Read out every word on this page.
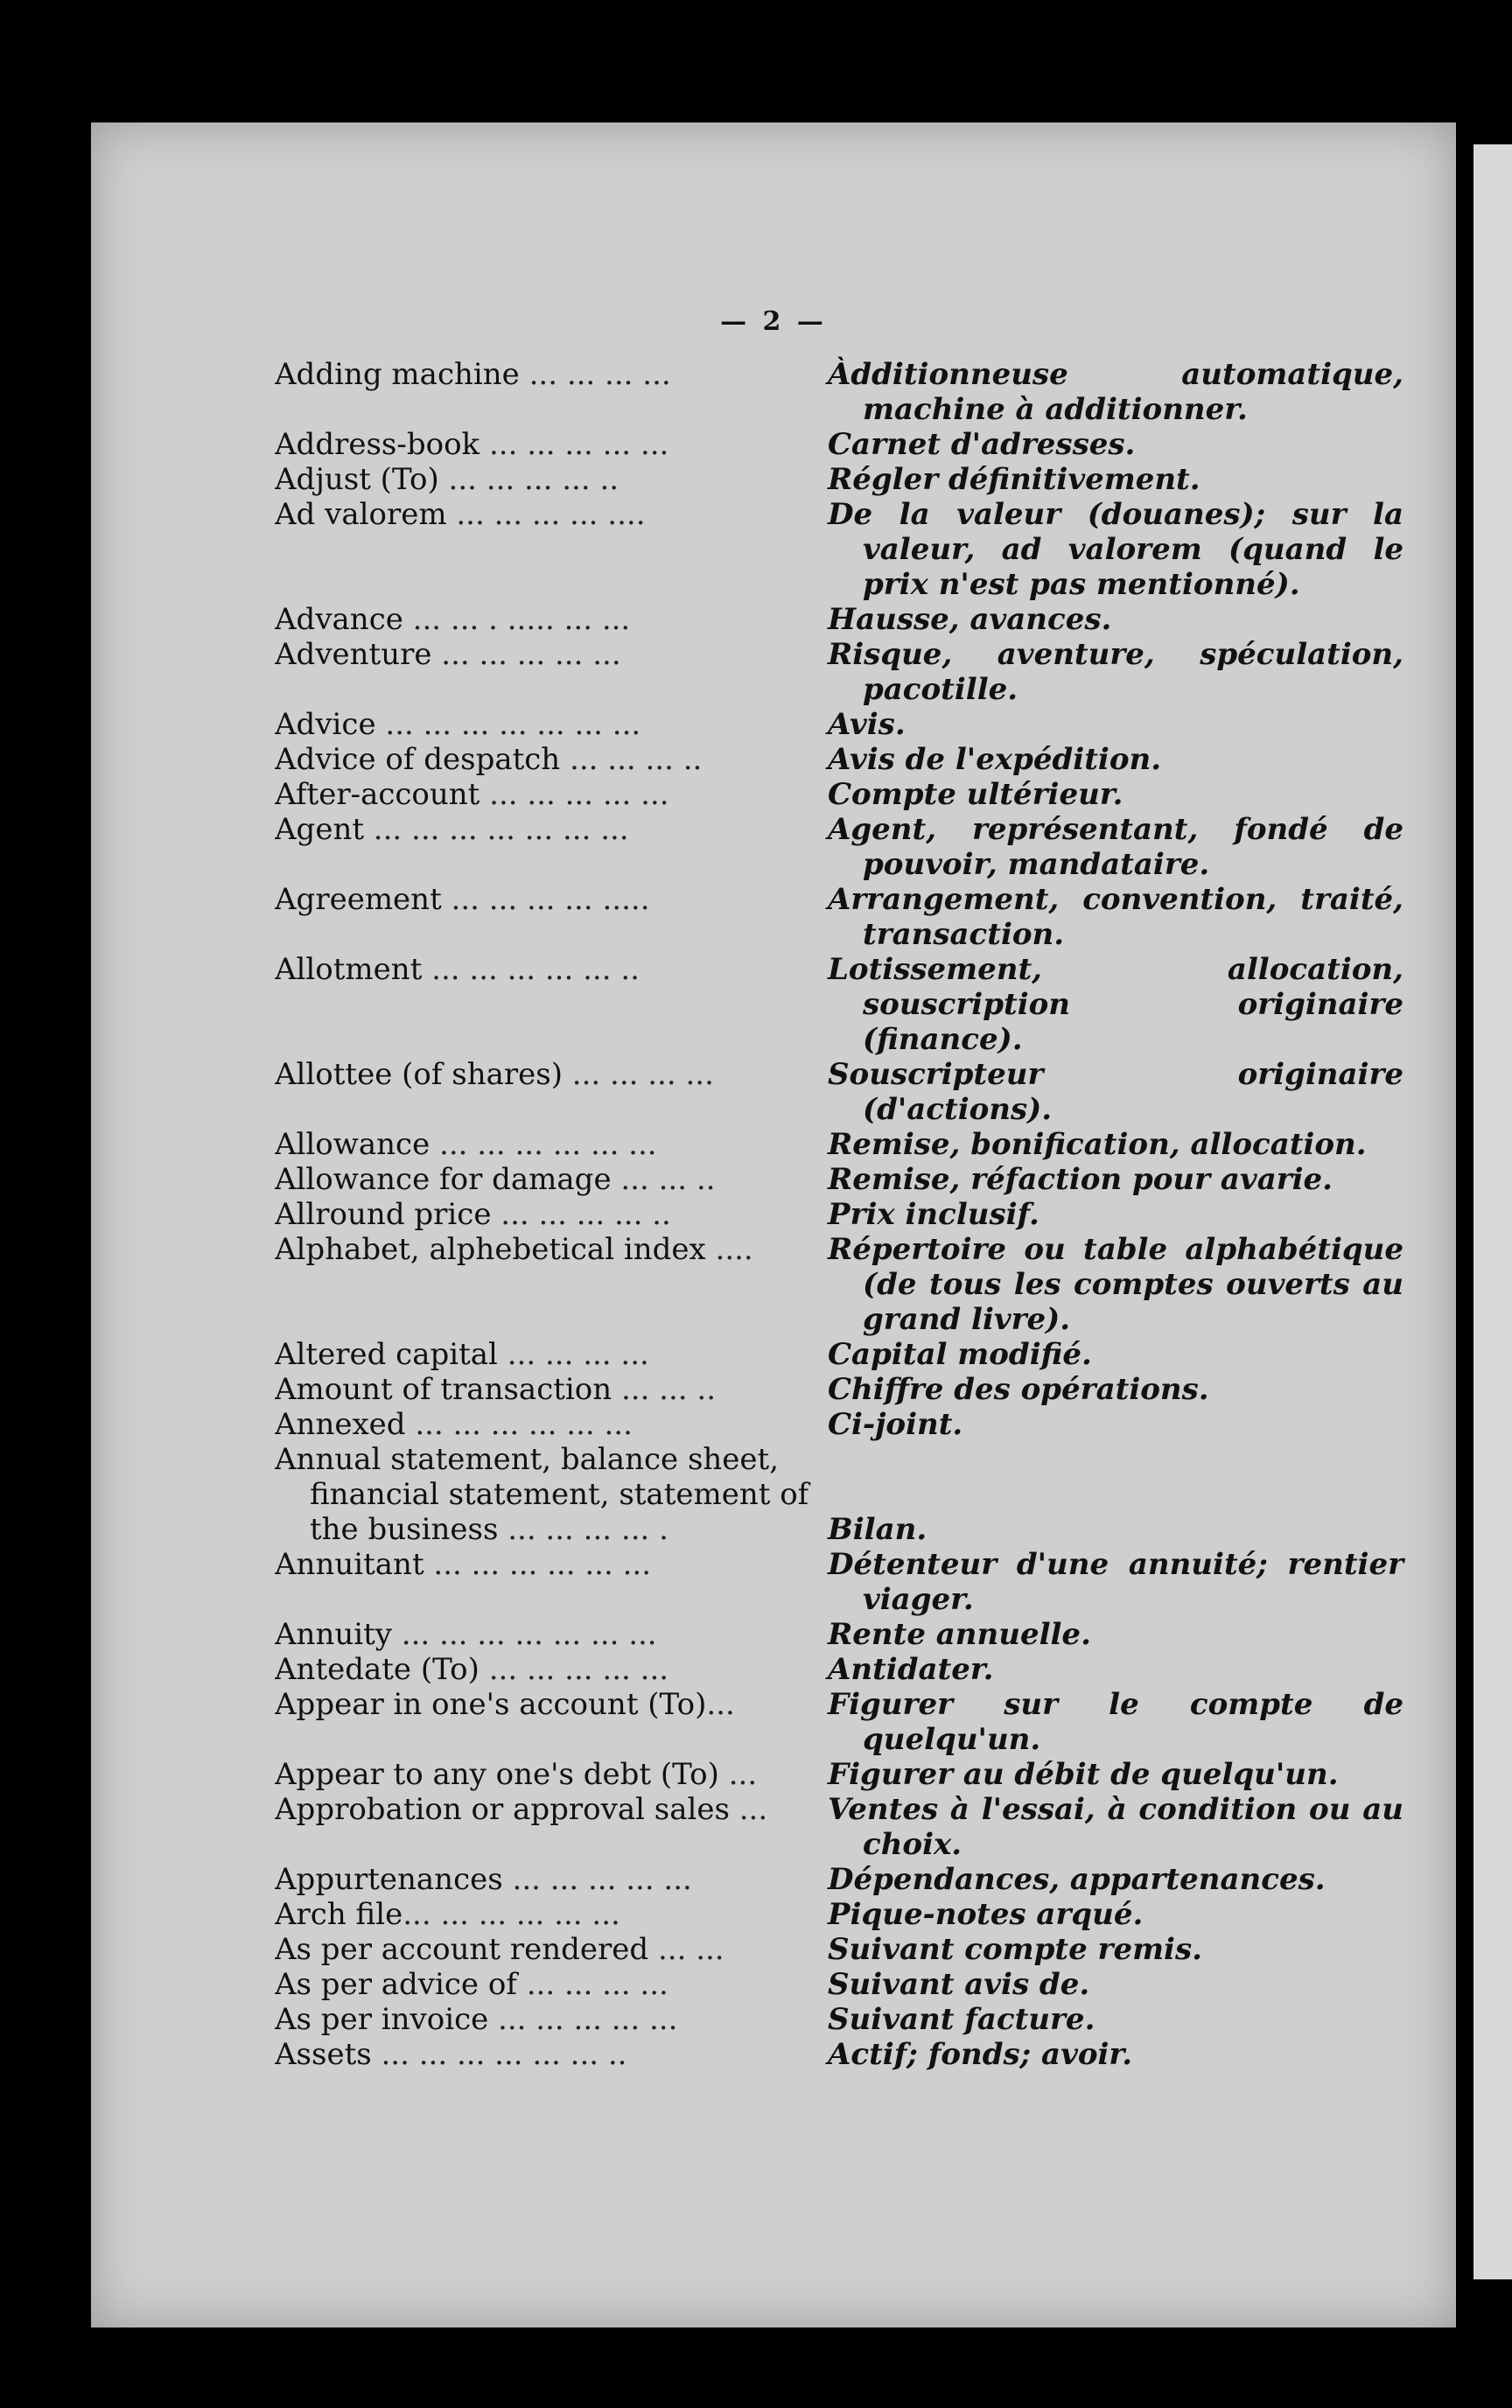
— 2 —
Adding machine ... ... ... ...	Àdditionneuse automatique, machine à additionner.
Address-book ... ... ... ... ...	Carnet d'adresses.
Adjust (To) ... ... ... ... ..	Régler définitivement.
Ad valorem ... ... ... ... ....	De la valeur (douanes); sur la valeur, ad valorem (quand le prix n'est pas mentionné).
Advance ... ... . ..... ... ...	Hausse, avances.
Adventure ... ... ... ... ...	Risque, aventure, spéculation, pacotille.
Advice ... ... ... ... ... ... ...	Avis.
Advice of despatch ... ... ... ..	Avis de l'expédition.
After-account ... ... ... ... ...	Compte ultérieur.
Agent ... ... ... ... ... ... ...	Agent, représentant, fondé de pouvoir, mandataire.
Agreement ... ... ... ... .....	Arrangement, convention, traité, transaction.
Allotment ... ... ... ... ... ..	Lotissement, allocation, souscription originaire (finance).
Allottee (of shares) ... ... ... ...	Souscripteur originaire (d'actions).
Allowance ... ... ... ... ... ...	Remise, bonification, allocation.
Allowance for damage ... ... ..	Remise, réfaction pour avarie.
Allround price ... ... ... ... ..	Prix inclusif.
Alphabet, alphebetical index ....	Répertoire ou table alphabétique (de tous les comptes ouverts au grand livre).
Altered capital ... ... ... ...	Capital modifié.
Amount of transaction ... ... ..	Chiffre des opérations.
Annexed ... ... ... ... ... ...	Ci-joint.
Annual statement, balance sheet, financial statement, statement of the business ... ... ... ... .	Bilan.
Annuitant ... ... ... ... ... ...	Détenteur d'une annuité; rentier viager.
Annuity ... ... ... ... ... ... ...	Rente annuelle.
Antedate (To) ... ... ... ... ...	Antidater.
Appear in one's account (To)...	Figurer sur le compte de quelqu'un.
Appear to any one's debt (To) ...	Figurer au débit de quelqu'un.
Approbation or approval sales ...	Ventes à l'essai, à condition ou au choix.
Appurtenances ... ... ... ... ...	Dépendances, appartenances.
Arch file... ... ... ... ... ...	Pique-notes arqué.
As per account rendered ... ...	Suivant compte remis.
As per advice of ... ... ... ...	Suivant avis de.
As per invoice ... ... ... ... ...	Suivant facture.
Assets ... ... ... ... ... ... ..	Actif; fonds; avoir.
